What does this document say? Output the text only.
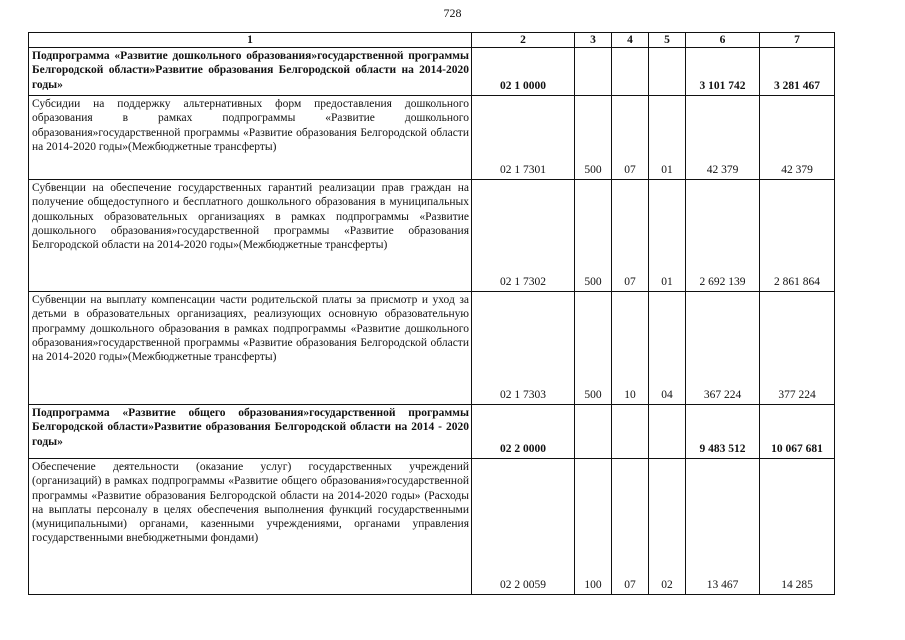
728
1	2	3	4	5	6	7
Подпрограмма «Развитие дошкольного образования»государственной программы Белгородской области»Развитие образования Белгородской области на 2014-2020 годы»	02 1 0000				3 101 742	3 281 467
Субсидии на поддержку альтернативных форм предоставления дошкольного образования в рамках подпрограммы «Развитие дошкольного образования»государственной программы «Развитие образования Белгородской области на 2014-2020 годы»(Межбюджетные трансферты)	02 1 7301	500	07	01	42 379	42 379
Субвенции на обеспечение государственных гарантий реализации прав граждан на получение общедоступного и бесплатного дошкольного образования в муниципальных дошкольных образовательных организациях в рамках подпрограммы «Развитие дошкольного образования»государственной программы «Развитие образования Белгородской области на 2014-2020 годы»(Межбюджетные трансферты)	02 1 7302	500	07	01	2 692 139	2 861 864
Субвенции на выплату компенсации части родительской платы за присмотр и уход за детьми в образовательных организациях, реализующих основную образовательную программу дошкольного образования в рамках подпрограммы «Развитие дошкольного образования»государственной программы «Развитие образования Белгородской области на 2014-2020 годы»(Межбюджетные трансферты)	02 1 7303	500	10	04	367 224	377 224
Подпрограмма «Развитие общего образования»государственной программы Белгородской области»Развитие образования Белгородской области на 2014 - 2020 годы»	02 2 0000				9 483 512	10 067 681
Обеспечение деятельности (оказание услуг) государственных учреждений (организаций) в рамках подпрограммы «Развитие общего образования»государственной программы «Развитие образования Белгородской области на 2014-2020 годы» (Расходы на выплаты персоналу в целях обеспечения выполнения функций государственными (муниципальными) органами, казенными учреждениями, органами управления государственными внебюджетными фондами)	02 2 0059	100	07	02	13 467	14 285
